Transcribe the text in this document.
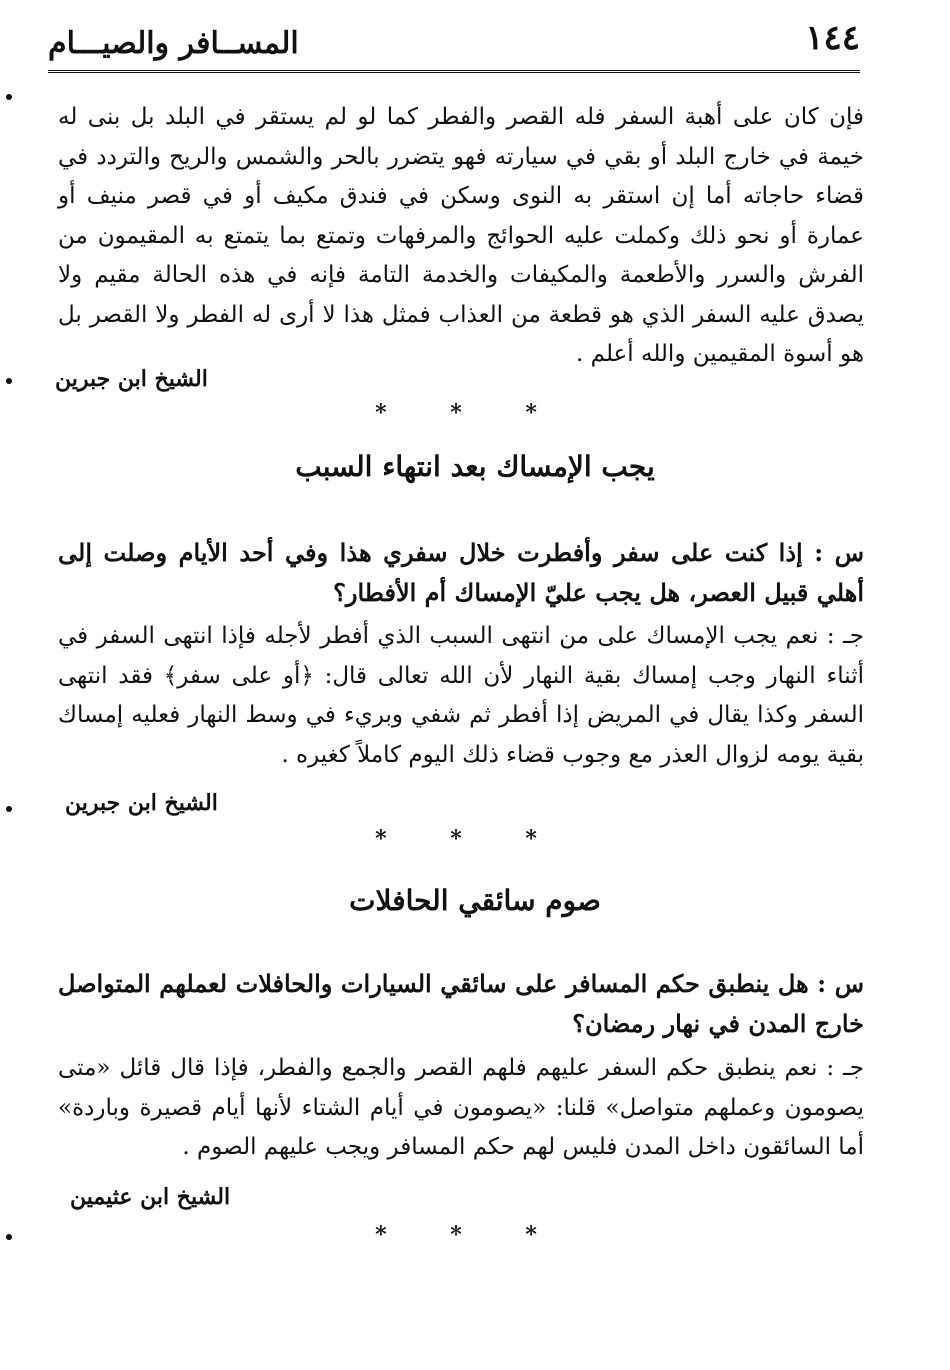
١٤٤
المســافر والصيـــام
فإن كان على أهبة السفر فله القصر والفطر كما لو لم يستقر في البلد بل بنى له خيمة في خارج البلد أو بقي في سيارته فهو يتضرر بالحر والشمس والريح والتردد في قضاء حاجاته أما إن استقر به النوى وسكن في فندق مكيف أو في قصر منيف أو عمارة أو نحو ذلك وكملت عليه الحوائج والمرفهات وتمتع بما يتمتع به المقيمون من الفرش والسرر والأطعمة والمكيفات والخدمة التامة فإنه في هذه الحالة مقيم ولا يصدق عليه السفر الذي هو قطعة من العذاب فمثل هذا لا أرى له الفطر ولا القصر بل هو أسوة المقيمين والله أعلم .
الشيخ ابن جبرين
* * *
يجب الإمساك بعد انتهاء السبب
س : إذا كنت على سفر وأفطرت خلال سفري هذا وفي أحد الأيام وصلت إلى أهلي قبيل العصر، هل يجب عليّ الإمساك أم الأفطار؟
جـ : نعم يجب الإمساك على من انتهى السبب الذي أفطر لأجله فإذا انتهى السفر في أثناء النهار وجب إمساك بقية النهار لأن الله تعالى قال: ﴿أو على سفر﴾ فقد انتهى السفر وكذا يقال في المريض إذا أفطر ثم شفي وبريء في وسط النهار فعليه إمساك بقية يومه لزوال العذر مع وجوب قضاء ذلك اليوم كاملاً كغيره .
الشيخ ابن جبرين
* * *
صوم سائقي الحافلات
س : هل ينطبق حكم المسافر على سائقي السيارات والحافلات لعملهم المتواصل خارج المدن في نهار رمضان؟
جـ : نعم ينطبق حكم السفر عليهم فلهم القصر والجمع والفطر، فإذا قال قائل «متى يصومون وعملهم متواصل» قلنا: «يصومون في أيام الشتاء لأنها أيام قصيرة وباردة» أما السائقون داخل المدن فليس لهم حكم المسافر ويجب عليهم الصوم .
الشيخ ابن عثيمين
* * *
